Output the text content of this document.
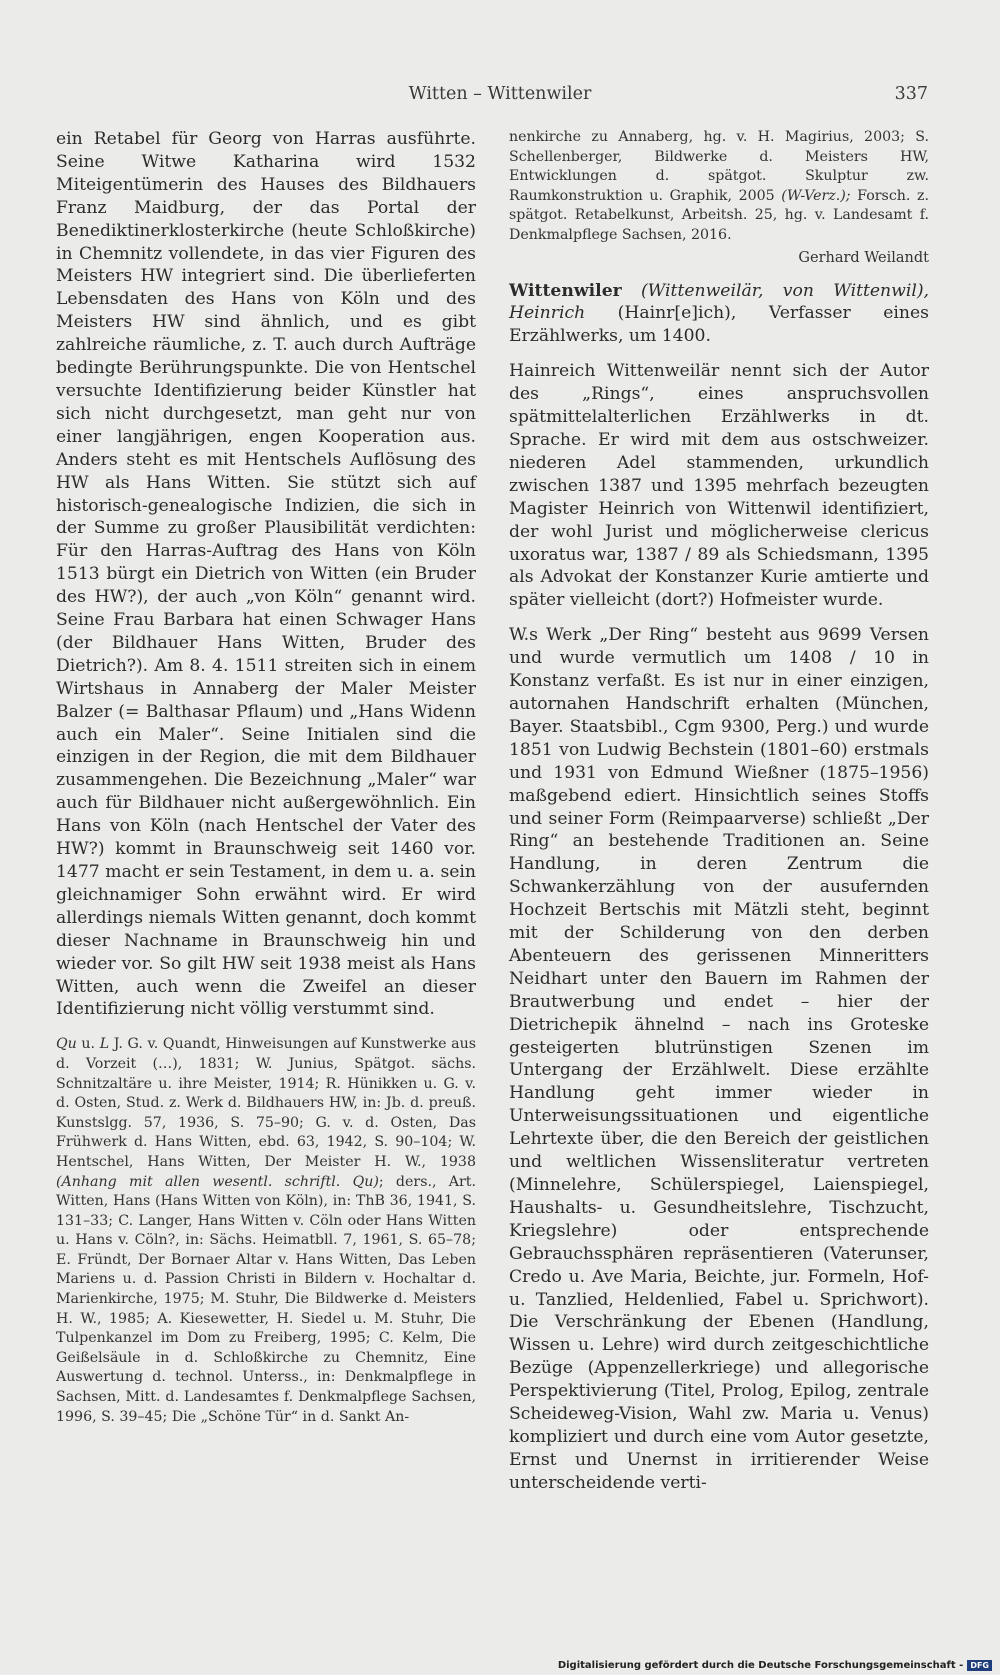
Witten – Wittenwiler	337

ein Retabel für Georg von Harras ausführte. Seine Witwe Katharina wird 1532 Miteigentümerin des Hauses des Bildhauers Franz Maidburg, der das Portal der Benediktinerklosterkirche (heute Schloßkirche) in Chemnitz vollendete, in das vier Figuren des Meisters HW integriert sind. Die überlieferten Lebensdaten des Hans von Köln und des Meisters HW sind ähnlich, und es gibt zahlreiche räumliche, z. T. auch durch Aufträge bedingte Berührungspunkte. Die von Hentschel versuchte Identifizierung beider Künstler hat sich nicht durchgesetzt, man geht nur von einer langjährigen, engen Kooperation aus. Anders steht es mit Hentschels Auflösung des HW als Hans Witten. Sie stützt sich auf historisch-genealogische Indizien, die sich in der Summe zu großer Plausibilität verdichten: Für den Harras-Auftrag des Hans von Köln 1513 bürgt ein Dietrich von Witten (ein Bruder des HW?), der auch „von Köln“ genannt wird. Seine Frau Barbara hat einen Schwager Hans (der Bildhauer Hans Witten, Bruder des Dietrich?). Am 8. 4. 1511 streiten sich in einem Wirtshaus in Annaberg der Maler Meister Balzer (= Balthasar Pflaum) und „Hans Widenn auch ein Maler“. Seine Initialen sind die einzigen in der Region, die mit dem Bildhauer zusammengehen. Die Bezeichnung „Maler“ war auch für Bildhauer nicht außergewöhnlich. Ein Hans von Köln (nach Hentschel der Vater des HW?) kommt in Braunschweig seit 1460 vor. 1477 macht er sein Testament, in dem u. a. sein gleichnamiger Sohn erwähnt wird. Er wird allerdings niemals Witten genannt, doch kommt dieser Nachname in Braunschweig hin und wieder vor. So gilt HW seit 1938 meist als Hans Witten, auch wenn die Zweifel an dieser Identifizierung nicht völlig verstummt sind.

Qu u. L J. G. v. Quandt, Hinweisungen auf Kunstwerke aus d. Vorzeit (…), 1831; W. Junius, Spätgot. sächs. Schnitzaltäre u. ihre Meister, 1914; R. Hünikken u. G. v. d. Osten, Stud. z. Werk d. Bildhauers HW, in: Jb. d. preuß. Kunstslgg. 57, 1936, S. 75–90; G. v. d. Osten, Das Frühwerk d. Hans Witten, ebd. 63, 1942, S. 90–104; W. Hentschel, Hans Witten, Der Meister H. W., 1938 (Anhang mit allen wesentl. schriftl. Qu); ders., Art. Witten, Hans (Hans Witten von Köln), in: ThB 36, 1941, S. 131–33; C. Langer, Hans Witten v. Cöln oder Hans Witten u. Hans v. Cöln?, in: Sächs. Heimatbll. 7, 1961, S. 65–78; E. Fründt, Der Bornaer Altar v. Hans Witten, Das Leben Mariens u. d. Passion Christi in Bildern v. Hochaltar d. Marienkirche, 1975; M. Stuhr, Die Bildwerke d. Meisters H. W., 1985; A. Kiesewetter, H. Siedel u. M. Stuhr, Die Tulpenkanzel im Dom zu Freiberg, 1995; C. Kelm, Die Geißelsäule in d. Schloßkirche zu Chemnitz, Eine Auswertung d. technol. Unterss., in: Denkmalpflege in Sachsen, Mitt. d. Landesamtes f. Denkmalpflege Sachsen, 1996, S. 39–45; Die „Schöne Tür“ in d. Sankt An-

nenkirche zu Annaberg, hg. v. H. Magirius, 2003; S. Schellenberger, Bildwerke d. Meisters HW, Entwicklungen d. spätgot. Skulptur zw. Raumkonstruktion u. Graphik, 2005 (W-Verz.); Forsch. z. spätgot. Retabelkunst, Arbeitsh. 25, hg. v. Landesamt f. Denkmalpflege Sachsen, 2016.

Gerhard Weilandt

Wittenwiler (Wittenweilär, von Wittenwil), Heinrich (Hainr[e]ich), Verfasser eines Erzählwerks, um 1400.

Hainreich Wittenweilär nennt sich der Autor des „Rings“, eines anspruchsvollen spätmittelalterlichen Erzählwerks in dt. Sprache. Er wird mit dem aus ostschweizer. niederen Adel stammenden, urkundlich zwischen 1387 und 1395 mehrfach bezeugten Magister Heinrich von Wittenwil identifiziert, der wohl Jurist und möglicherweise clericus uxoratus war, 1387 / 89 als Schiedsmann, 1395 als Advokat der Konstanzer Kurie amtierte und später vielleicht (dort?) Hofmeister wurde.

W.s Werk „Der Ring“ besteht aus 9699 Versen und wurde vermutlich um 1408 / 10 in Konstanz verfaßt. Es ist nur in einer einzigen, autornahen Handschrift erhalten (München, Bayer. Staatsbibl., Cgm 9300, Perg.) und wurde 1851 von Ludwig Bechstein (1801–60) erstmals und 1931 von Edmund Wießner (1875–1956) maßgebend ediert. Hinsichtlich seines Stoffs und seiner Form (Reimpaarverse) schließt „Der Ring“ an bestehende Traditionen an. Seine Handlung, in deren Zentrum die Schwankerzählung von der ausufernden Hochzeit Bertschis mit Mätzli steht, beginnt mit der Schilderung von den derben Abenteuern des gerissenen Minneritters Neidhart unter den Bauern im Rahmen der Brautwerbung und endet – hier der Dietrichepik ähnelnd – nach ins Groteske gesteigerten blutrünstigen Szenen im Untergang der Erzählwelt. Diese erzählte Handlung geht immer wieder in Unterweisungssituationen und eigentliche Lehrtexte über, die den Bereich der geistlichen und weltlichen Wissensliteratur vertreten (Minnelehre, Schülerspiegel, Laienspiegel, Haushalts- u. Gesundheitslehre, Tischzucht, Kriegslehre) oder entsprechende Gebrauchssphären repräsentieren (Vaterunser, Credo u. Ave Maria, Beichte, jur. Formeln, Hof- u. Tanzlied, Heldenlied, Fabel u. Sprichwort). Die Verschränkung der Ebenen (Handlung, Wissen u. Lehre) wird durch zeitgeschichtliche Bezüge (Appenzellerkriege) und allegorische Perspektivierung (Titel, Prolog, Epilog, zentrale Scheideweg-Vision, Wahl zw. Maria u. Venus) kompliziert und durch eine vom Autor gesetzte, Ernst und Unernst in irritierender Weise unterscheidende verti-

Digitalisierung gefördert durch die Deutsche Forschungsgemeinschaft - DFG
